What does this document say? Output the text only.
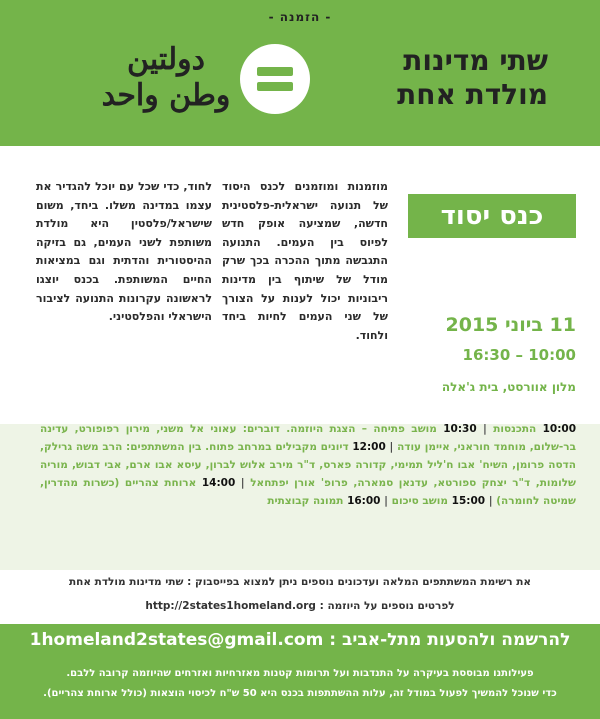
- הזמנה -
שתי מדינות
מולדת אחת
دولتين
وطن واحد
כנס יסוד
מוזמנות ומוזמנים לכנס היסוד של תנועה ישראלית-פלסטינית חדשה, שמציעה אופק חדש לפיוס בין העמים. התנועה התגבשה מתוך ההכרה בכך שרק מודל של שיתוף בין מדינות ריבוניות יכול לענות על הצורך של שני העמים לחיות ביחד ולחוד.
לחוד, כדי שכל עם יוכל להגדיר את עצמו במדינה משלו. ביחד, משום שישראל/פלסטין היא מולדת משותפת לשני העמים, גם בזיקה ההיסטורית והדתית וגם במציאות החיים המשותפת. בכנס יוצגו לראשונה עקרונות התנועה לציבור הישראלי והפלסטיני.	11 ביוני 2015
10:00 – 16:30
מלון אוורסט, בית ג'אלה
10:00 התכנסות | 10:30 מושב פתיחה – הצגת היוזמה. דוברים: עאוני אל משני, מירון רפופורט, עדינה בר-שלום, מוחמד חוראני, איימן עודה | 12:00 דיונים מקבילים במרחב פתוח. בין המשתתפים: הרב משה גרילק, הדסה פרומן, השיח' אבו ח'ליל תמימי, קדורה פארס, ד"ר מירב אלוש לברון, עיסא אבו ארם, אבי דבוש, מוריה שלומות, ד"ר יצחק ספורטא, עדנאן סמארה, פרופ' אורן יפתחאל | 14:00 ארוחת צהריים (כשרות מהדרין, שמיטה לחומרה) | 15:00 מושב סיכום | 16:00 תמונה קבוצתית
את רשימת המשתתפים המלאה ועדכונים נוספים ניתן למצוא בפייסבוק : שתי מדינות מולדת אחת
לפרטים נוספים על היוזמה : http://2states1homeland.org
להרשמה ולהסעות מתל-אביב : 1homeland2states@gmail.com
פעילותנו מבוססת בעיקרה על התנדבות ועל תרומות קטנות מאזרחיות ואזרחים שהיוזמה קרובה ללבם.
כדי שנוכל להמשיך לפעול במודל זה, עלות ההשתתפות בכנס היא 50 ש"ח לכיסוי הוצאות (כולל ארוחת צהריים).
